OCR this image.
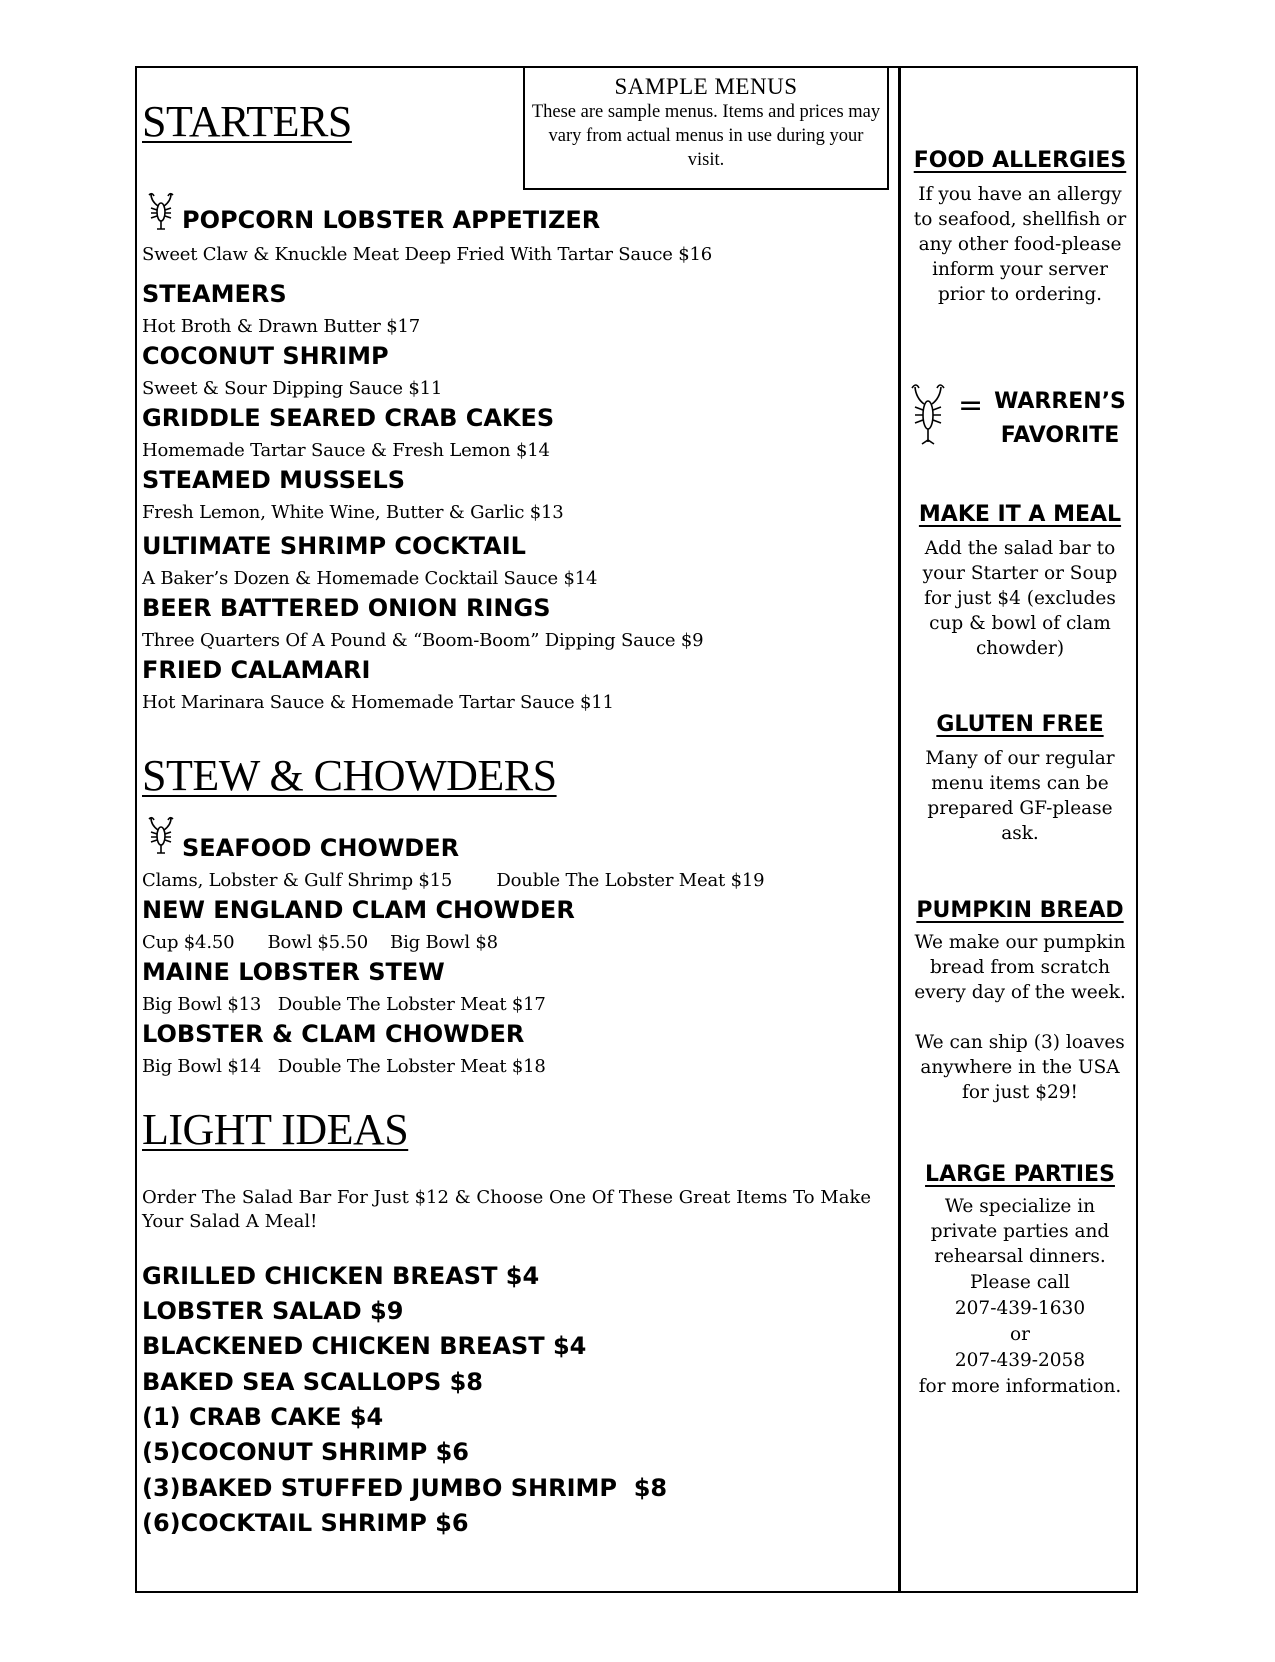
SAMPLE MENUS
These are sample menus. Items and prices may vary from actual menus in use during your visit.
STARTERS
POPCORN LOBSTER APPETIZER
Sweet Claw & Knuckle Meat Deep Fried With Tartar Sauce $16
STEAMERS
Hot Broth & Drawn Butter $17
COCONUT SHRIMP
Sweet & Sour Dipping Sauce $11
GRIDDLE SEARED CRAB CAKES
Homemade Tartar Sauce & Fresh Lemon $14
STEAMED MUSSELS
Fresh Lemon, White Wine, Butter & Garlic $13
ULTIMATE SHRIMP COCKTAIL
A Baker’s Dozen & Homemade Cocktail Sauce $14
BEER BATTERED ONION RINGS
Three Quarters Of A Pound & “Boom-Boom” Dipping Sauce $9
FRIED CALAMARI
Hot Marinara Sauce & Homemade Tartar Sauce $11
STEW & CHOWDERS
SEAFOOD CHOWDER
Clams, Lobster & Gulf Shrimp $15        Double The Lobster Meat $19
NEW ENGLAND CLAM CHOWDER
Cup $4.50      Bowl $5.50    Big Bowl $8
MAINE LOBSTER STEW
Big Bowl $13   Double The Lobster Meat $17
LOBSTER & CLAM CHOWDER
Big Bowl $14   Double The Lobster Meat $18
LIGHT IDEAS
Order The Salad Bar For Just $12 & Choose One Of These Great Items To Make Your Salad A Meal!
GRILLED CHICKEN BREAST $4
LOBSTER SALAD $9
BLACKENED CHICKEN BREAST $4
BAKED SEA SCALLOPS $8
(1) CRAB CAKE $4
(5)COCONUT SHRIMP $6
(3)BAKED STUFFED JUMBO SHRIMP  $8
(6)COCKTAIL SHRIMP $6
FOOD ALLERGIES
If you have an allergy to seafood, shellfish or any other food-please inform your server prior to ordering.
= WARREN’S
FAVORITE
MAKE IT A MEAL
Add the salad bar to your Starter or Soup for just $4 (excludes cup & bowl of clam chowder)
GLUTEN FREE
Many of our regular menu items can be prepared GF-please ask.
PUMPKIN BREAD
We make our pumpkin bread from scratch every day of the week.
We can ship (3) loaves anywhere in the USA for just $29!
LARGE PARTIES
We specialize in private parties and rehearsal dinners.
Please call
207-439-1630
or
207-439-2058
for more information.
